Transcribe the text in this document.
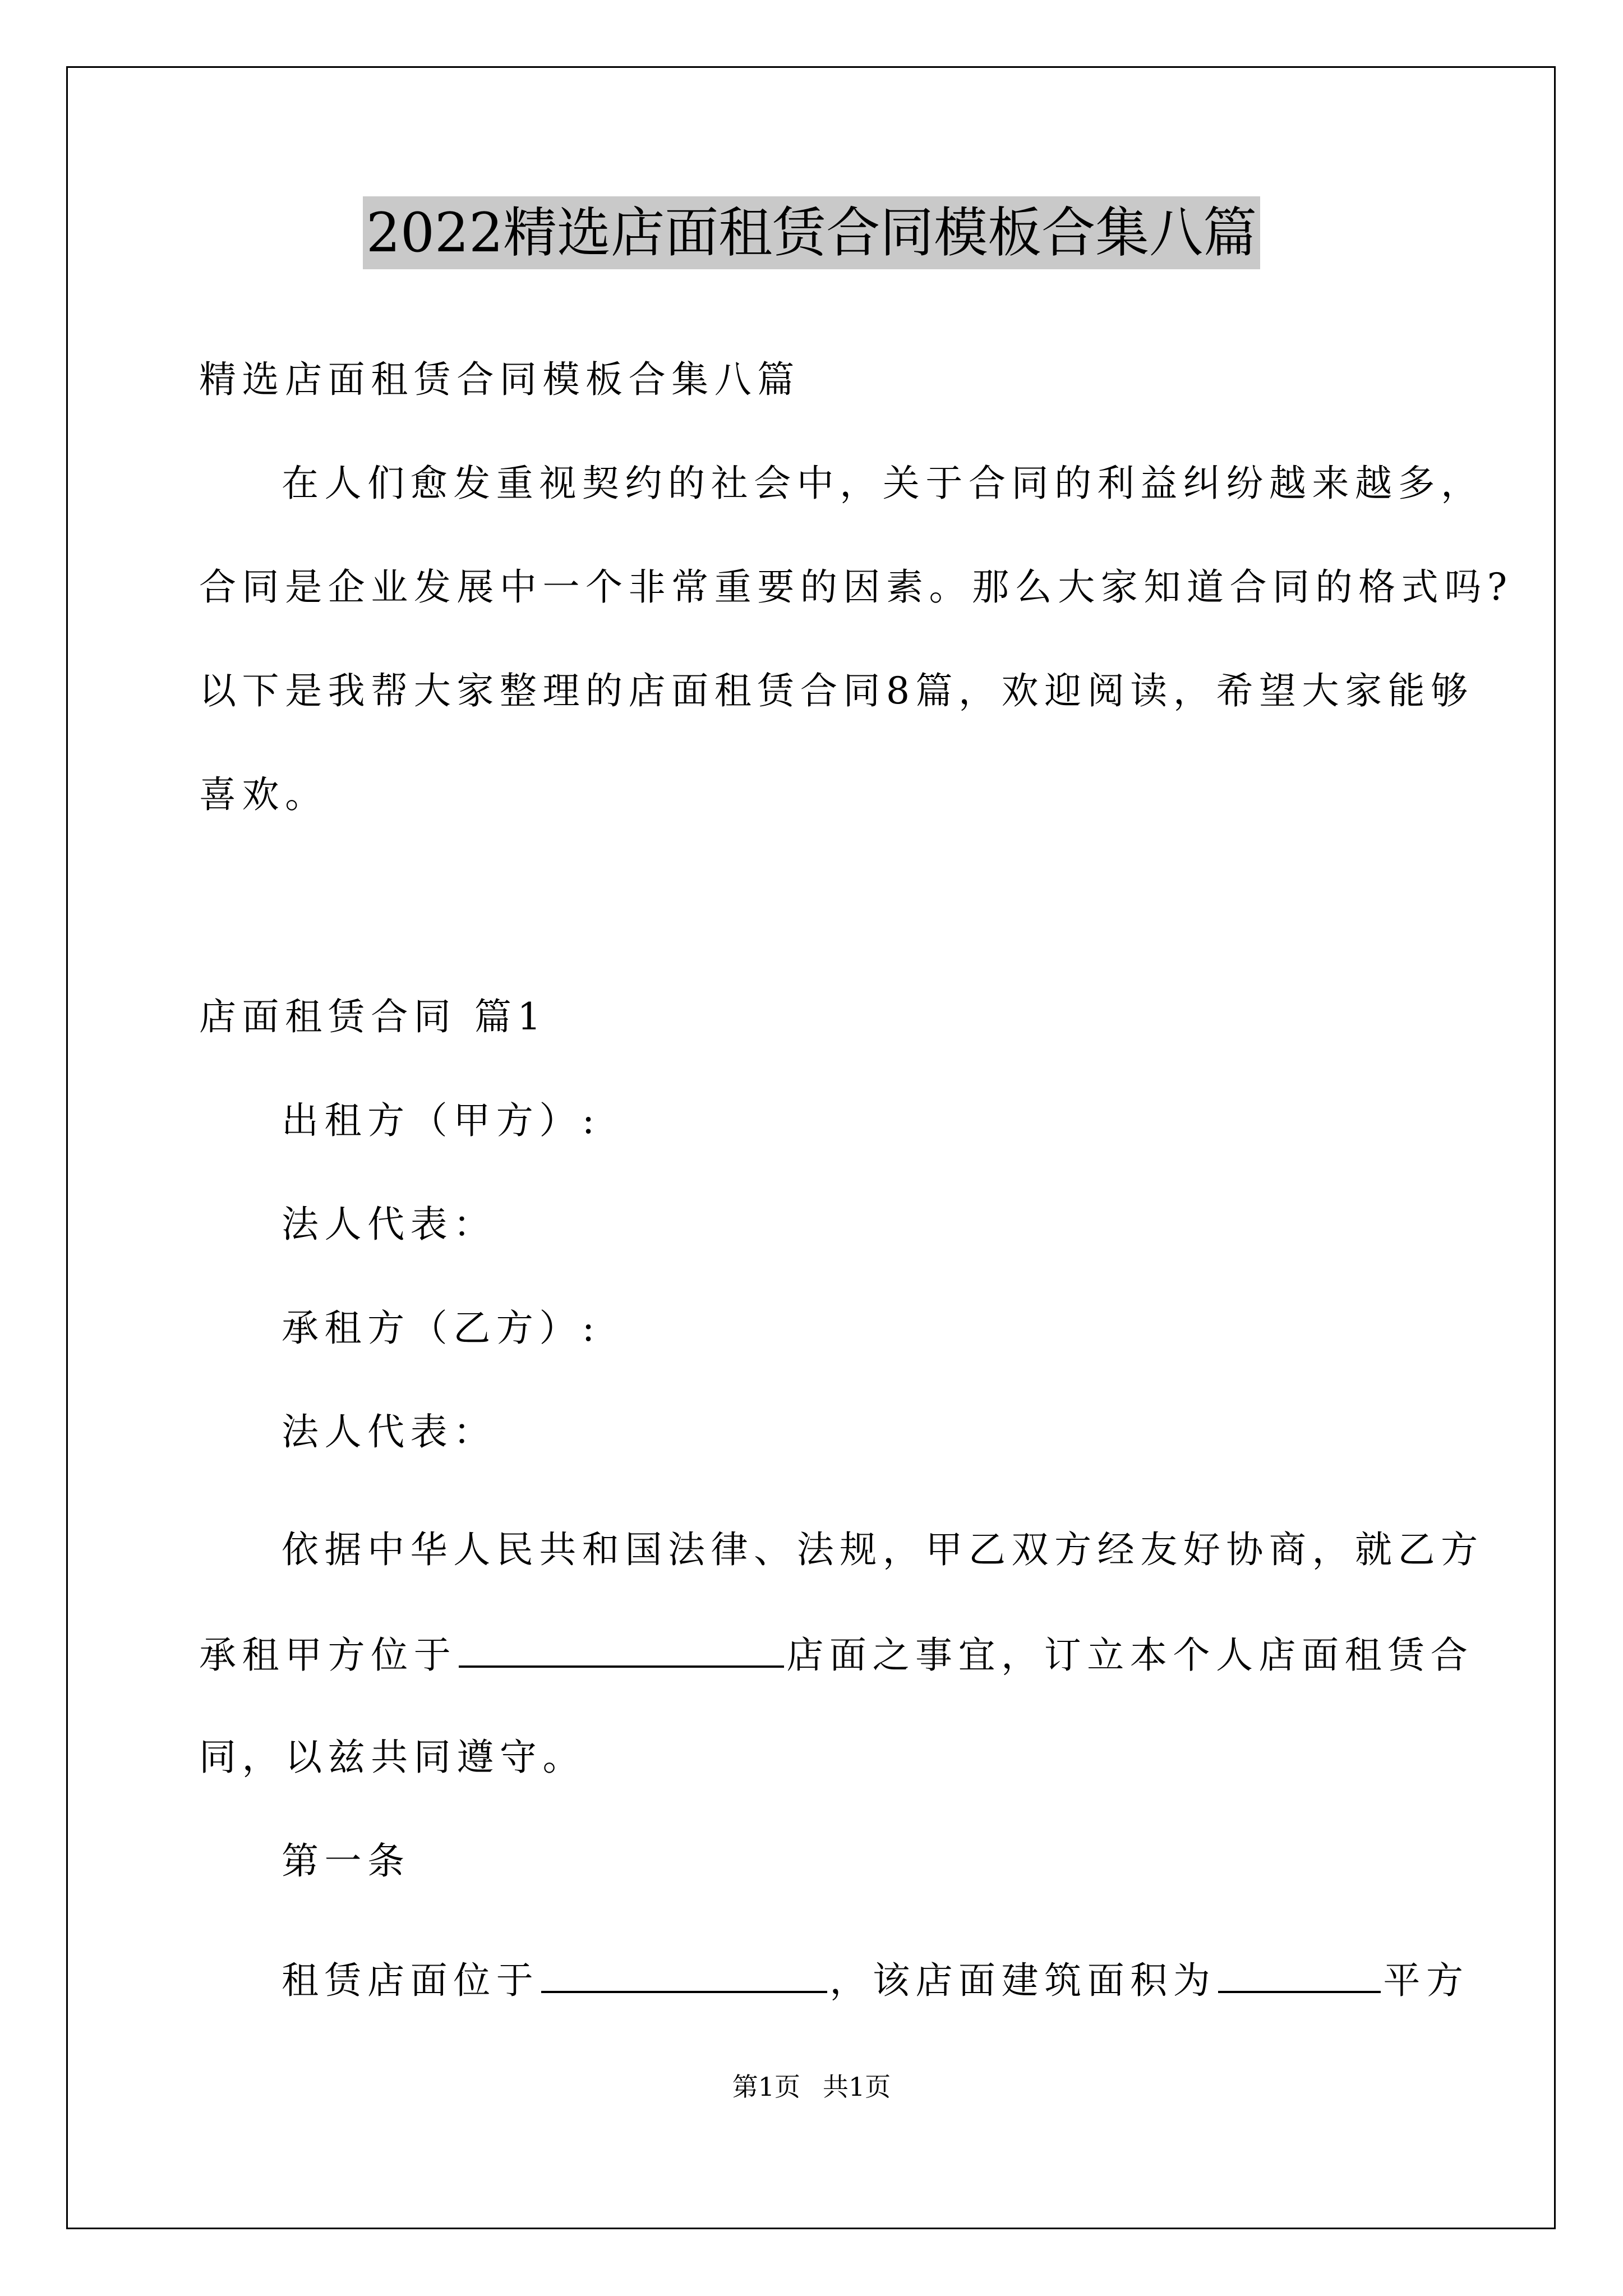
2022精选店面租赁合同模板合集八篇
精选店面租赁合同模板合集八篇
在人们愈发重视契约的社会中，关于合同的利益纠纷越来越多，
合同是企业发展中一个非常重要的因素。那么大家知道合同的格式吗?
以下是我帮大家整理的店面租赁合同8篇，欢迎阅读，希望大家能够
喜欢。
店面租赁合同 篇1
出租方（甲方）:
法人代表：
承租方（乙方）:
法人代表：
依据中华人民共和国法律、法规，甲乙双方经友好协商，就乙方
承租甲方位于	店面之事宜，订立本个人店面租赁合
同，以兹共同遵守。
第一条
租赁店面位于	，该店面建筑面积为	平方
第1页 共1页
